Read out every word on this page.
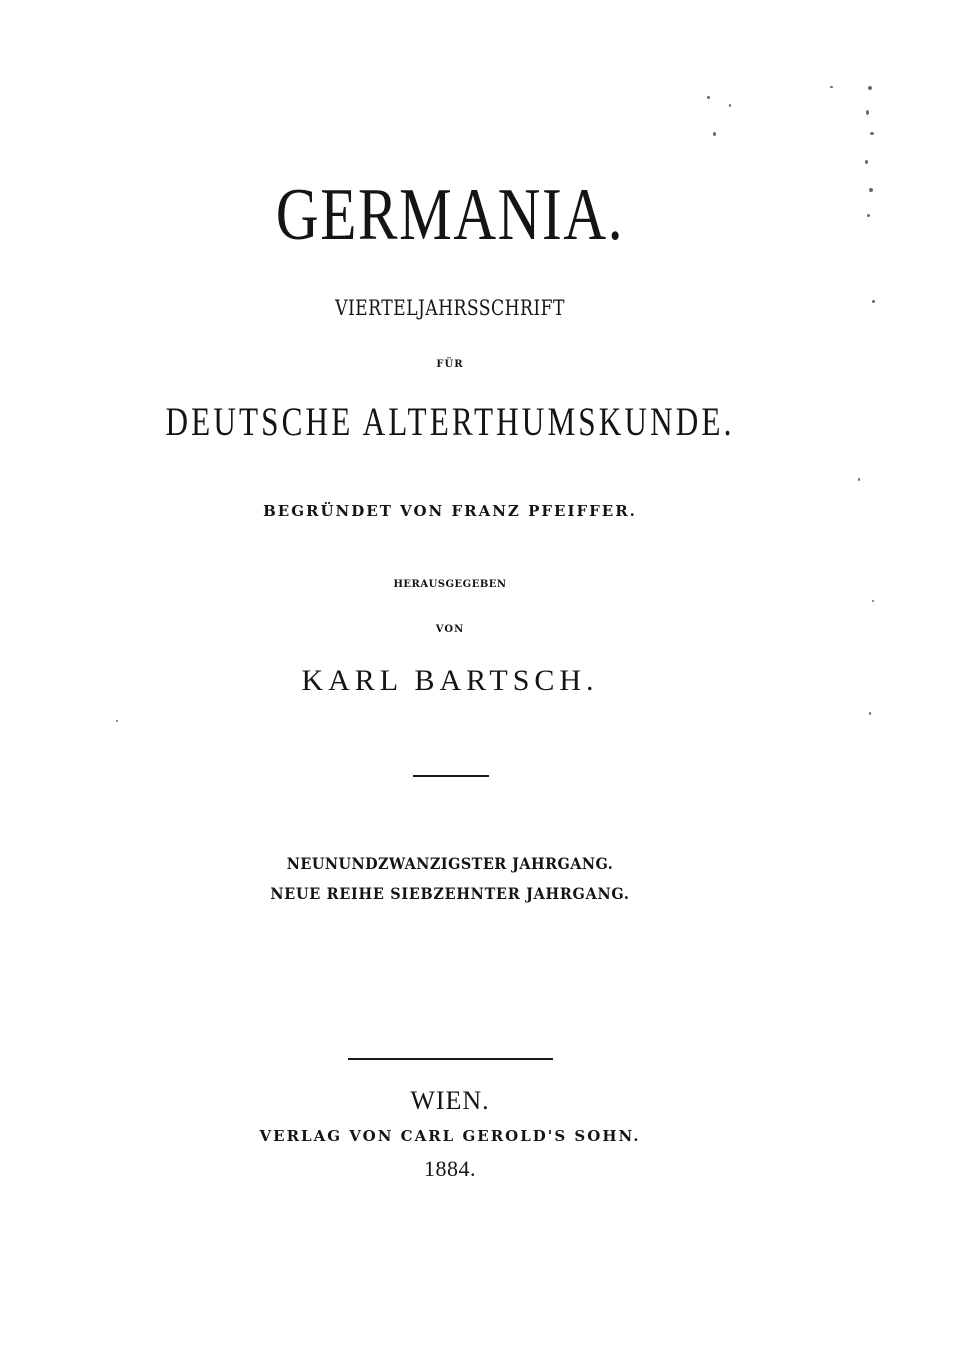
GERMANIA.
VIERTELJAHRSSCHRIFT
FÜR
DEUTSCHE ALTERTHUMSKUNDE.
BEGRÜNDET VON FRANZ PFEIFFER.
HERAUSGEGEBEN
VON
KARL BARTSCH.
NEUNUNDZWANZIGSTER JAHRGANG.
NEUE REIHE SIEBZEHNTER JAHRGANG.
WIEN.
VERLAG VON CARL GEROLD'S SOHN.
1884.
